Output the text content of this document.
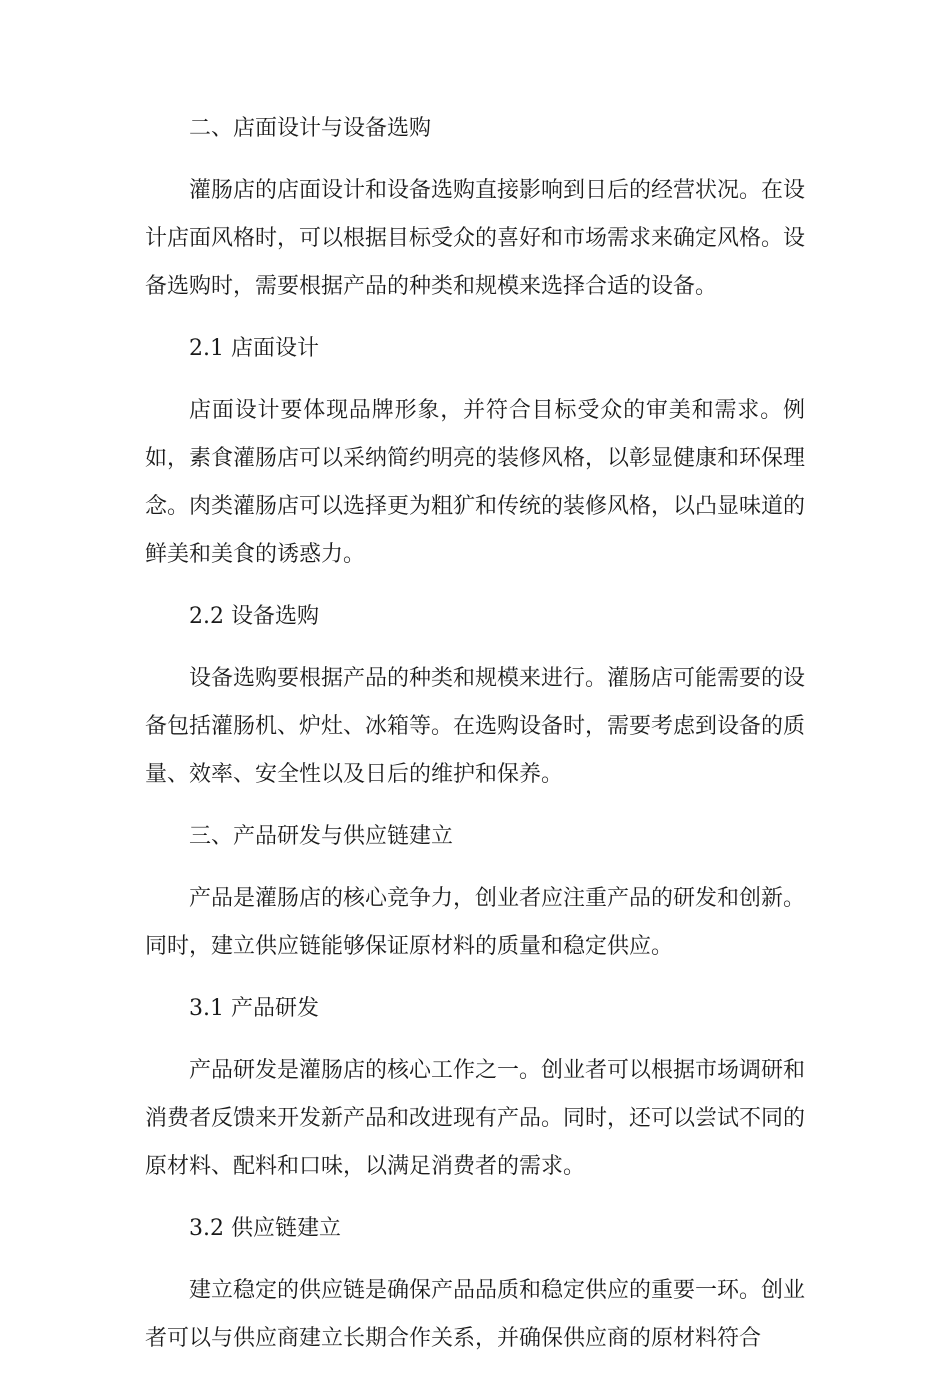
二、店面设计与设备选购

灌肠店的店面设计和设备选购直接影响到日后的经营状况。在设计店面风格时，可以根据目标受众的喜好和市场需求来确定风格。设备选购时，需要根据产品的种类和规模来选择合适的设备。

2.1 店面设计

店面设计要体现品牌形象，并符合目标受众的审美和需求。例如，素食灌肠店可以采纳简约明亮的装修风格，以彰显健康和环保理念。肉类灌肠店可以选择更为粗犷和传统的装修风格，以凸显味道的鲜美和美食的诱惑力。

2.2 设备选购

设备选购要根据产品的种类和规模来进行。灌肠店可能需要的设备包括灌肠机、炉灶、冰箱等。在选购设备时，需要考虑到设备的质量、效率、安全性以及日后的维护和保养。

三、产品研发与供应链建立

产品是灌肠店的核心竞争力，创业者应注重产品的研发和创新。同时，建立供应链能够保证原材料的质量和稳定供应。

3.1 产品研发

产品研发是灌肠店的核心工作之一。创业者可以根据市场调研和消费者反馈来开发新产品和改进现有产品。同时，还可以尝试不同的原材料、配料和口味，以满足消费者的需求。

3.2 供应链建立

建立稳定的供应链是确保产品品质和稳定供应的重要一环。创业者可以与供应商建立长期合作关系，并确保供应商的原材料符合
